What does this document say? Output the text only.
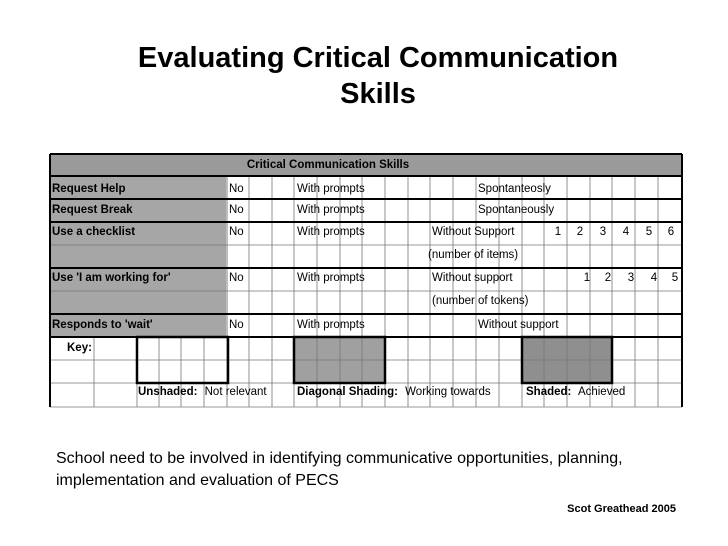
Evaluating Critical Communication
Skills
Critical Communication Skills
Request Help	No	With prompts	Spontanteosly
Request Break	No	With prompts	Spontaneously
Use a checklist	No	With prompts	Without Support	1 2 3 4 5 6
(number of items)
Use 'I am working for'	No	With prompts	Without support	1 2 3 4 5
(number of tokens)
Responds to 'wait'	No	With prompts	Without support
Key:
Unshaded: Not relevant	Diagonal Shading: Working towards	Shaded: Achieved
School need to be involved in identifying communicative opportunities, planning, implementation and evaluation of PECS
Scot Greathead 2005
